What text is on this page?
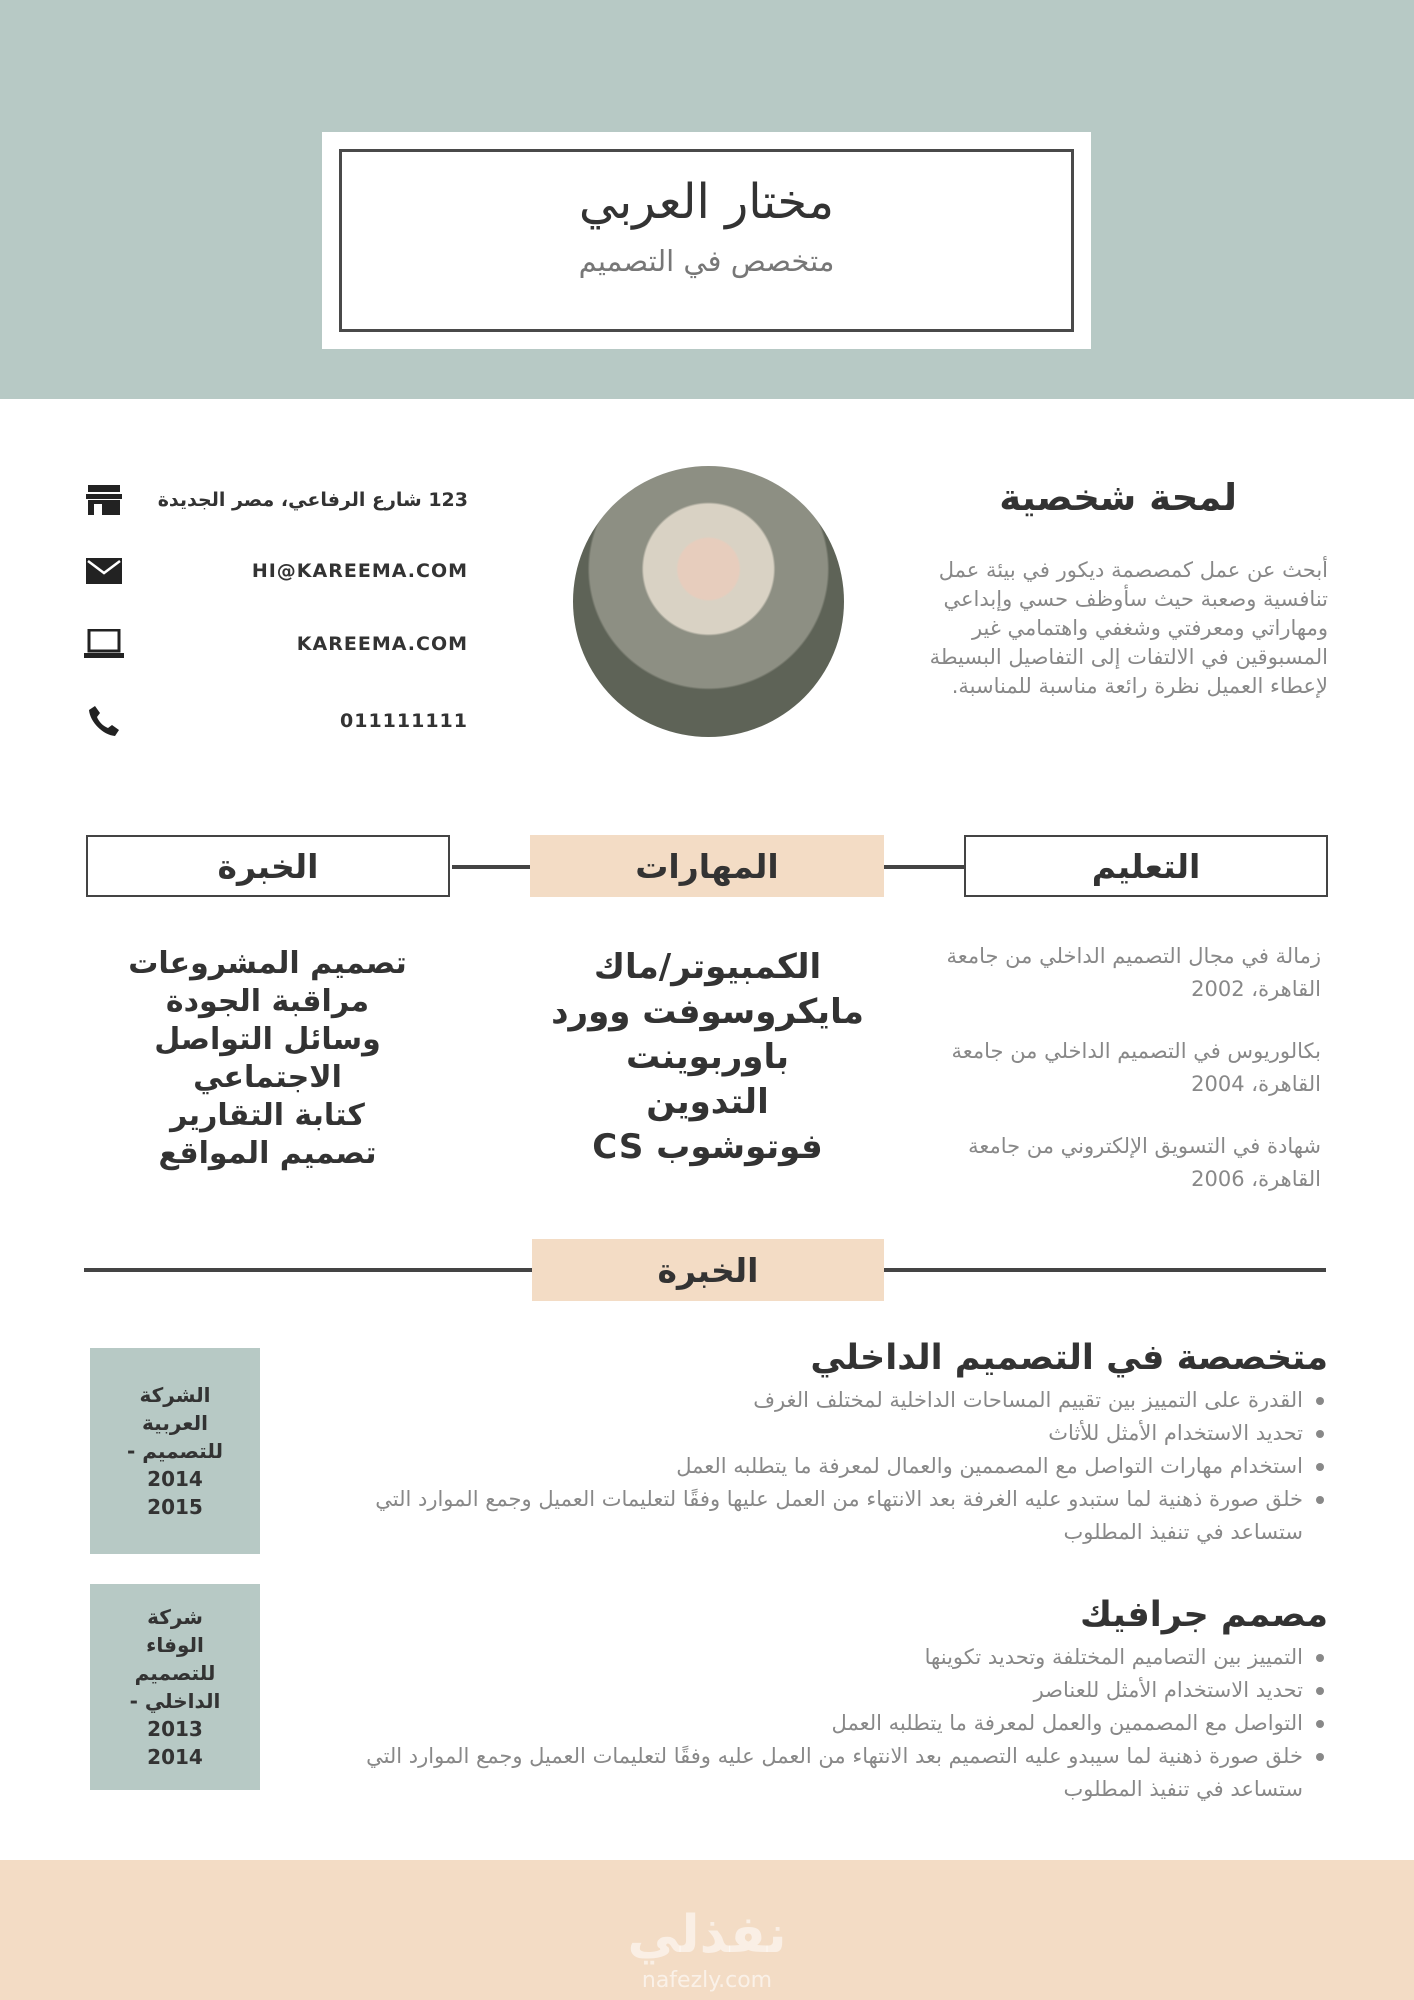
مختار العربي
متخصص في التصميم
123 شارع الرفاعي، مصر الجديدة
HI@KAREEMA.COM
KAREEMA.COM
011111111
لمحة شخصية
أبحث عن عمل كمصصمة ديكور في بيئة عمل تنافسية وصعبة حيث سأوظف حسي وإبداعي ومهاراتي ومعرفتي وشغفي واهتمامي غير المسبوقين في الالتفات إلى التفاصيل البسيطة لإعطاء العميل نظرة رائعة مناسبة للمناسبة.
الخبرة	المهارات	التعليم
زمالة في مجال التصميم الداخلي من جامعة القاهرة، 2002
بكالوريوس في التصميم الداخلي من جامعة القاهرة، 2004
شهادة في التسويق الإلكتروني من جامعة القاهرة، 2006
الكمبيوتر/ماك
مايكروسوفت وورد
باوربوينت
التدوين
فوتوشوب CS
تصميم المشروعات
مراقبة الجودة
وسائل التواصل الاجتماعي
كتابة التقارير
تصميم المواقع
الخبرة
الشركة العربية للتصميم - 2014 2015
متخصصة في التصميم الداخلي
القدرة على التمييز بين تقييم المساحات الداخلية لمختلف الغرف
تحديد الاستخدام الأمثل للأثاث
استخدام مهارات التواصل مع المصممين والعمال لمعرفة ما يتطلبه العمل
خلق صورة ذهنية لما ستبدو عليه الغرفة بعد الانتهاء من العمل عليها وفقًا لتعليمات العميل وجمع الموارد التي ستساعد في تنفيذ المطلوب
شركة الوفاء للتصميم الداخلي - 2013 2014
مصمم جرافيك
التمييز بين التصاميم المختلفة وتحديد تكوينها
تحديد الاستخدام الأمثل للعناصر
التواصل مع المصممين والعمل لمعرفة ما يتطلبه العمل
خلق صورة ذهنية لما سيبدو عليه التصميم بعد الانتهاء من العمل عليه وفقًا لتعليمات العميل وجمع الموارد التي ستساعد في تنفيذ المطلوب
نفذلي
nafezly.com
